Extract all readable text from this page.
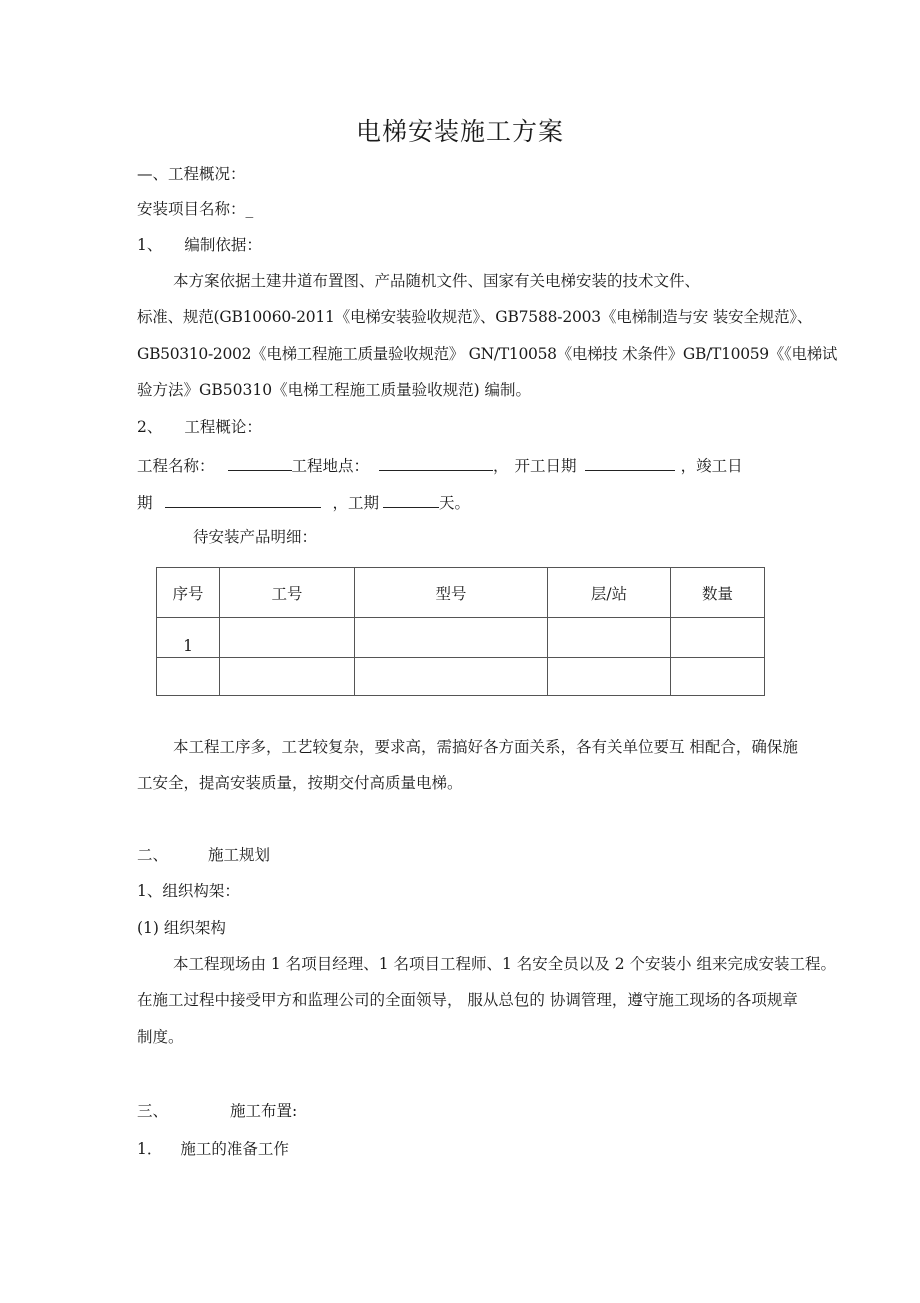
电梯安装施工方案
—、工程概况：
安装项目名称：_
1、 编制依据：
本方案依据土建井道布置图、产品随机文件、国家有关电梯安装的技术文件、
标准、规范(GB10060-2011《电梯安装验收规范》、GB7588-2003《电梯制造与安 装安全规范》、
GB50310-2002《电梯工程施工质量验收规范》 GN/T10058《电梯技 术条件》GB/T10059《《电梯试
验方法》GB50310《电梯工程施工质量验收规范) 编制。
2、 工程概论：
工程名称：	工程地点：	， 开工日期	，竣工日
期	，工期	天。
待安装产品明细：
序号	工号	型号	层/站	数量
1				

本工程工序多，工艺较复杂，要求高，需搞好各方面关系，各有关单位要互 相配合，确保施
工安全，提高安装质量，按期交付高质量电梯。
二、	施工规划
1、组织构架：
(1) 组织架构
本工程现场由 1 名项目经理、1 名项目工程师、1 名安全员以及 2 个安装小 组来完成安装工程。
在施工过程中接受甲方和监理公司的全面领导， 服从总包的 协调管理，遵守施工现场的各项规章
制度。
三、	施工布置:
1． 施工的准备工作
